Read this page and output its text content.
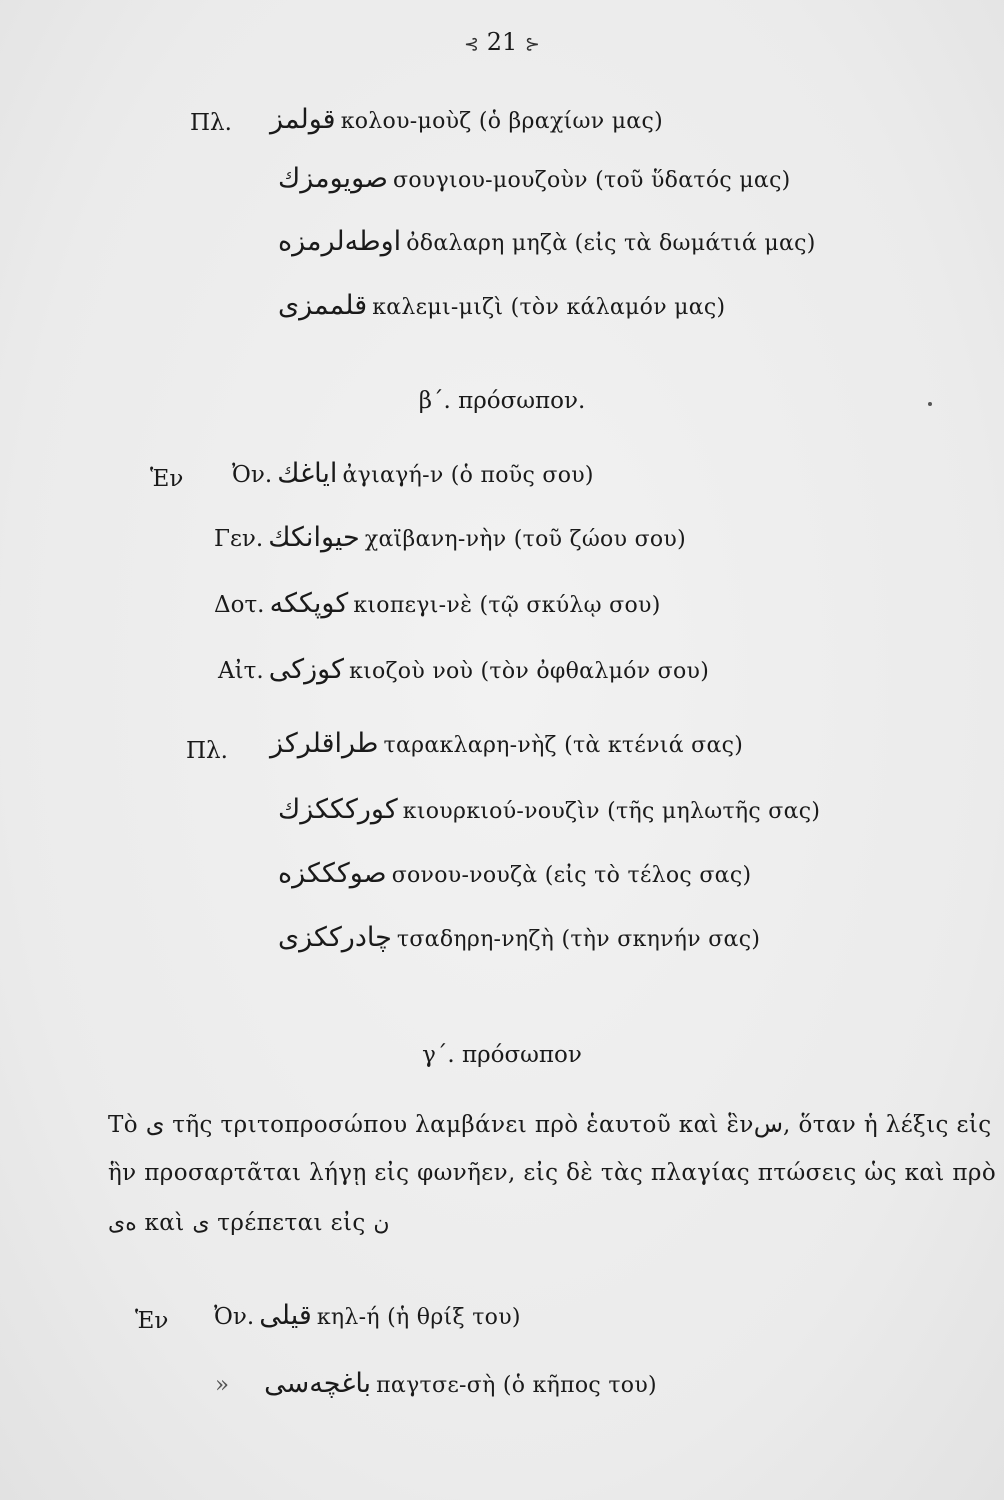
⊰ 21 ⊱
Πλ. قولمز κολου-μοὺζ (ὁ βραχίων μας)
صويومزك σουγιου-μουζοὺν (τοῦ ὕδατός μας)
اوطه‌لرمزه ὀδαλαρη μηζὰ (εἰς τὰ δωμάτιά μας)
قلممزی καλεμι-μιζὶ (τὸν κάλαμόν μας)
β΄. πρόσωπον.
Ἑν Ὀν. اياغك ἀγιαγή-ν (ὁ ποῦς σου)
Γεν. حيوانكك χαϊβανη-νὴν (τοῦ ζώου σου)
Δοτ. كوپككه κιοπεγι-νὲ (τῷ σκύλῳ σου)
Αἰτ. كوزكی κιοζοὺ νοὺ (τὸν ὀφθαλμόν σου)
Πλ. طراقلركز ταρακλαρη-νὴζ (τὰ κτένιά σας)
كوركككزك κιουρκιού-νουζὶν (τῆς μηλωτῆς σας)
صوكككزه σονου-νουζὰ (εἰς τὸ τέλος σας)
چادرككزی τσαδηρη-νηζὴ (τὴν σκηνήν σας)
γ΄. πρόσωπον
Τὸ ی τῆς τριτοπροσώπου λαμβάνει πρὸ ἑαυτοῦ καὶ ἓνس, ὅταν ἡ λέξις εἰς
ἣν προσαρτᾶται λήγῃ εἰς φωνῆεν, εἰς δὲ τὰς πλαγίας πτώσεις ὡς καὶ πρὸ
ىه καὶ ى τρέπεται εἰς ن
Ἑν Ὀν. قيلی κηλ-ή (ἡ θρίξ του)
» باغچه‌سی παγτσε-σὴ (ὁ κῆπος του)
